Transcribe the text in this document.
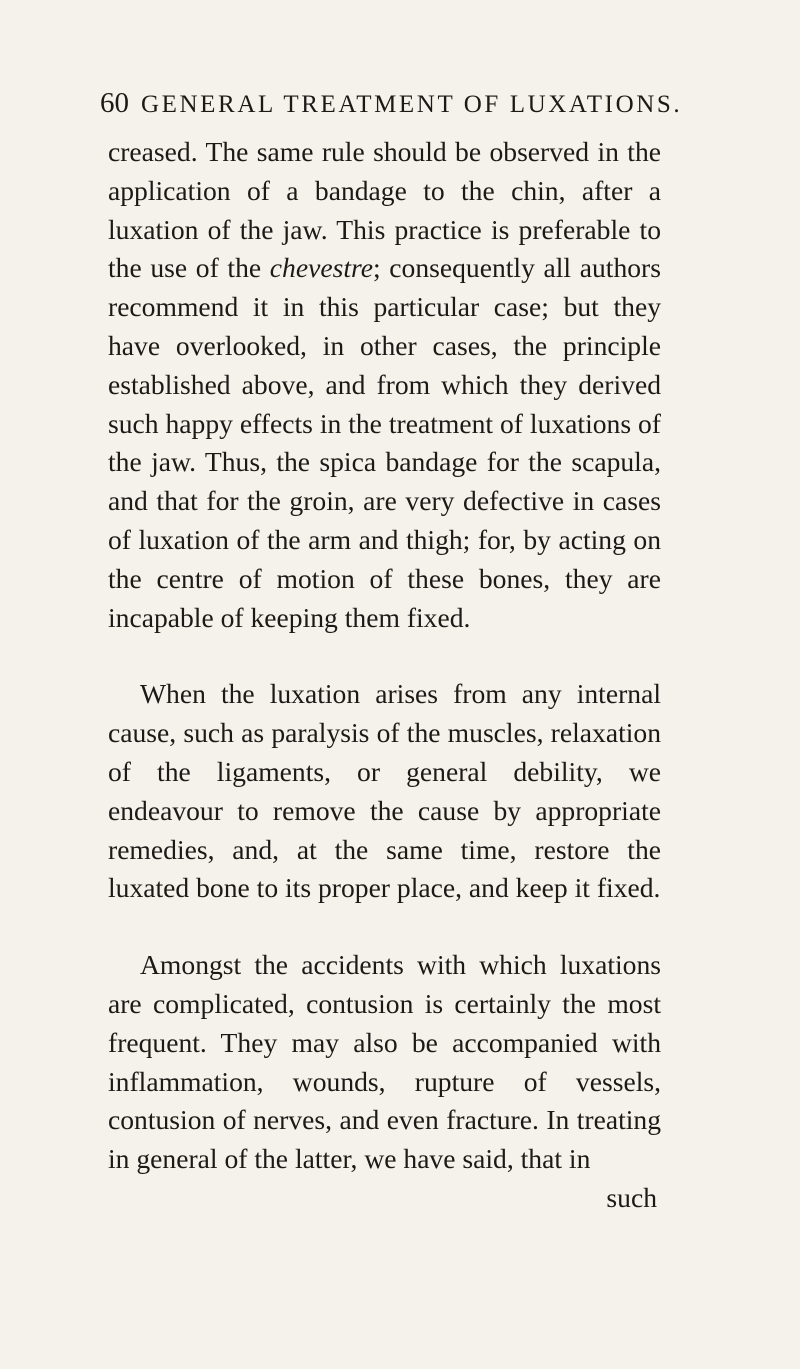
60 GENERAL TREATMENT OF LUXATIONS.

creased. The same rule should be observed in the application of a bandage to the chin, after a luxation of the jaw. This practice is preferable to the use of the chevestre; consequently all authors recommend it in this particular case; but they have overlooked, in other cases, the principle established above, and from which they derived such happy effects in the treatment of luxations of the jaw. Thus, the spica bandage for the scapula, and that for the groin, are very defective in cases of luxation of the arm and thigh; for, by acting on the centre of motion of these bones, they are incapable of keeping them fixed.

When the luxation arises from any internal cause, such as paralysis of the muscles, relaxation of the ligaments, or general debility, we endeavour to remove the cause by appropriate remedies, and, at the same time, restore the luxated bone to its proper place, and keep it fixed.

Amongst the accidents with which luxations are complicated, contusion is certainly the most frequent. They may also be accompanied with inflammation, wounds, rupture of vessels, contusion of nerves, and even fracture. In treating in general of the latter, we have said, that in

such
